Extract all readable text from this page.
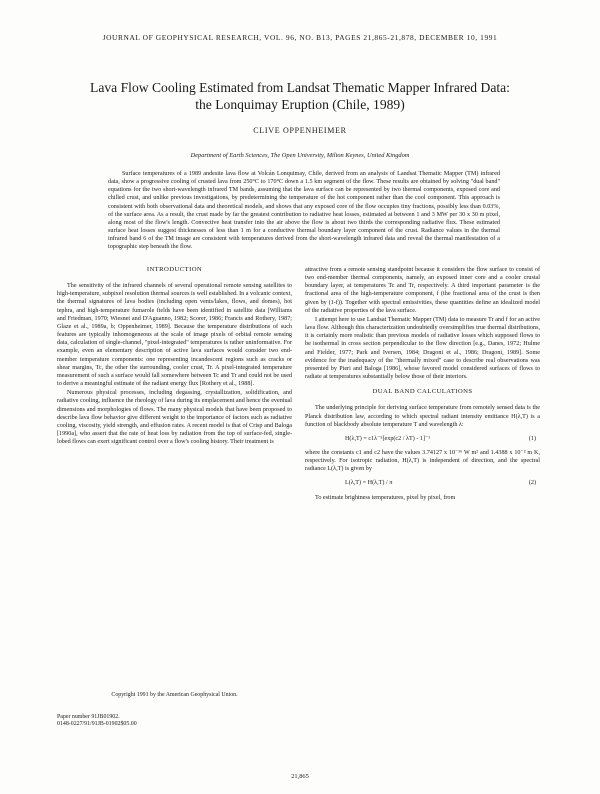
JOURNAL OF GEOPHYSICAL RESEARCH, VOL. 96, NO. B13, PAGES 21,865-21,878, DECEMBER 10, 1991
Lava Flow Cooling Estimated from Landsat Thematic Mapper Infrared Data:
the Lonquimay Eruption (Chile, 1989)
CLIVE OPPENHEIMER
Department of Earth Sciences, The Open University, Milton Keynes, United Kingdom

Surface temperatures of a 1989 andesite lava flow at Volcán Lonquimay, Chile, derived from an analysis of Landsat Thematic Mapper (TM) infrared data, show a progressive cooling of crusted lava from 250°C to 170°C down a 1.5 km segment of the flow. These results are obtained by solving "dual band" equations for the two short-wavelength infrared TM bands, assuming that the lava surface can be represented by two thermal components, exposed core and chilled crust, and unlike previous investigations, by predetermining the temperature of the hot component rather than the cool component. This approach is consistent with both observational data and theoretical models, and shows that any exposed core of the flow occupies tiny fractions, possibly less than 0.03%, of the surface area. As a result, the crust made by far the greatest contribution to radiative heat losses, estimated at between 1 and 3 MW per 30 x 30 m pixel, along most of the flow's length. Convective heat transfer into the air above the flow is about two thirds the corresponding radiative flux. These estimated surface heat losses suggest thicknesses of less than 1 m for a conductive thermal boundary layer component of the crust. Radiance values in the thermal infrared band 6 of the TM image are consistent with temperatures derived from the short-wavelength infrared data and reveal the thermal manifestation of a topographic step beneath the flow.

INTRODUCTION

The sensitivity of the infrared channels of several operational remote sensing satellites to high-temperature, subpixel resolution thermal sources is well established. In a volcanic context, the thermal signatures of lava bodies (including open vents/lakes, flows, and domes), hot tephra, and high-temperature fumarole fields have been identified in satellite data [Williams and Friedman, 1970; Wiesnet and D'Aguanno, 1982; Scorer, 1986; Francis and Rothery, 1987; Glaze et al., 1989a, b; Oppenheimer, 1989]. Because the temperature distributions of such features are typically inhomogeneous at the scale of image pixels of orbital remote sensing data, calculation of single-channel, "pixel-integrated" temperatures is rather uninformative. For example, even an elementary description of active lava surfaces would consider two end-member temperature components: one representing incandescent regions such as cracks or shear margins, Tc, the other the surrounding, cooler crust, Tr. A pixel-integrated temperature measurement of such a surface would fall somewhere between Tc and Tr and could not be used to derive a meaningful estimate of the radiant energy flux [Rothery et al., 1988].

Numerous physical processes, including degassing, crystallization, solidification, and radiative cooling, influence the rheology of lava during its emplacement and hence the eventual dimensions and morphologies of flows. The many physical models that have been proposed to describe lava flow behavior give different weight to the importance of factors such as radiative cooling, viscosity, yield strength, and effusion rates. A recent model is that of Crisp and Baloga [1990a], who assert that the rate of heat loss by radiation from the top of surface-fed, single-lobed flows can exert significant control over a flow's cooling history. Their treatment is

Copyright 1991 by the American Geophysical Union.
Paper number 91JB01902.
0148-0227/91/91JB-01902$05.00

attractive from a remote sensing standpoint because it considers the flow surface to consist of two end-member thermal components, namely, an exposed inner core and a cooler crustal boundary layer, at temperatures Tc and Tr, respectively. A third important parameter is the fractional area of the high-temperature component, f (the fractional area of the crust is then given by (1-f)). Together with spectral emissivities, these quantities define an idealized model of the radiative properties of the lava surface.

I attempt here to use Landsat Thematic Mapper (TM) data to measure Tr and f for an active lava flow. Although this characterization undoubtedly oversimplifies true thermal distributions, it is certainly more realistic than previous models of radiative losses which supposed flows to be isothermal in cross section perpendicular to the flow direction [e.g., Danes, 1972; Hulme and Fielder, 1977; Park and Iversen, 1984; Dragoni et al., 1986; Dragoni, 1989]. Some evidence for the inadequacy of the "thermally mixed" case to describe real observations was presented by Pieri and Baloga [1986], whose favored model considered surfaces of flows to radiate at temperatures substantially below those of their interiors.

DUAL BAND CALCULATIONS

The underlying principle for deriving surface temperature from remotely sensed data is the Planck distribution law, according to which spectral radiant intensity emittance H(λ,T) is a function of blackbody absolute temperature T and wavelength λ:

H(λ,T) = c1λ⁻⁵[exp(c2 / λT) - 1]⁻¹	(1)

where the constants c1 and c2 have the values 3.74127 x 10⁻¹⁶ W m² and 1.4388 x 10⁻² m K, respectively. For isotropic radiation, H(λ,T) is independent of direction, and the spectral radiance L(λ,T) is given by

L(λ,T) = H(λ,T) / π	(2)

To estimate brightness temperatures, pixel by pixel, from

21,865
